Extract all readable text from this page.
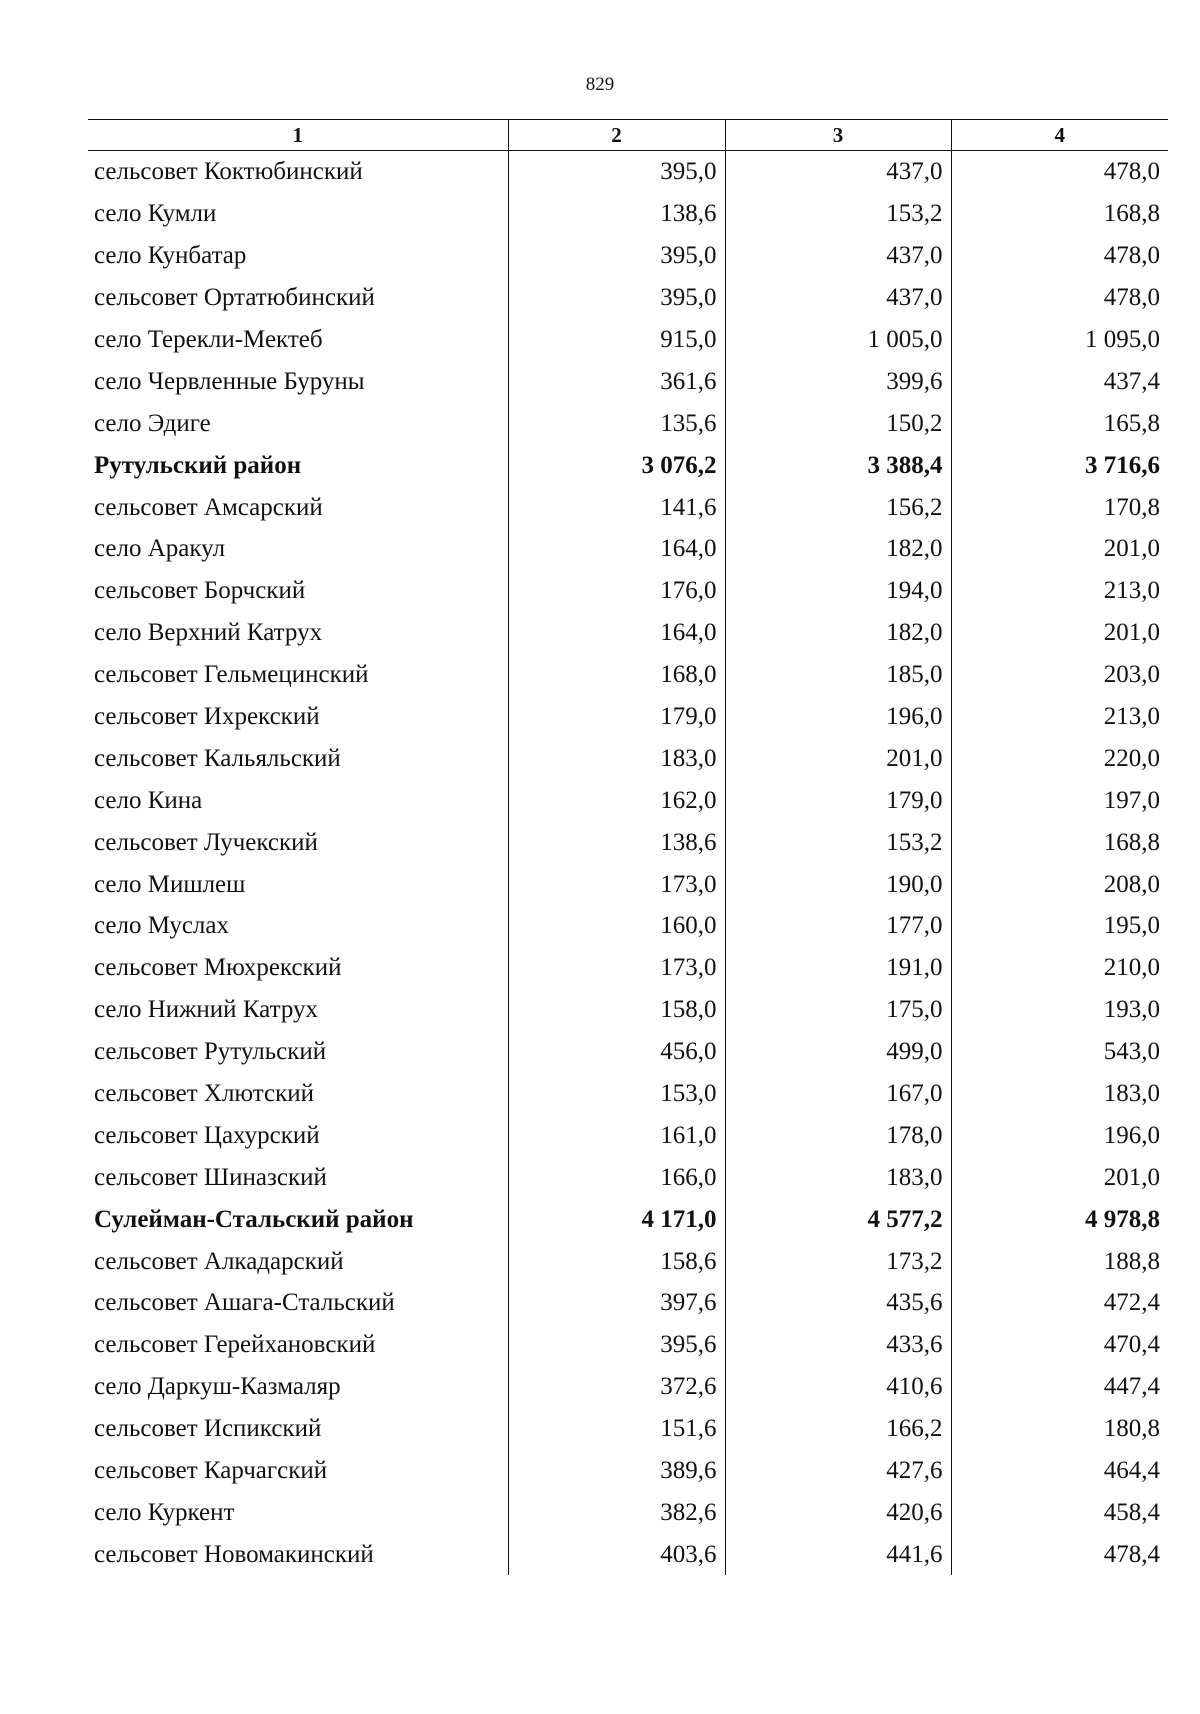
829
1	2	3	4
сельсовет Коктюбинский	395,0	437,0	478,0
село Кумли	138,6	153,2	168,8
село Кунбатар	395,0	437,0	478,0
сельсовет Ортатюбинский	395,0	437,0	478,0
село Терекли-Мектеб	915,0	1 005,0	1 095,0
село Червленные Буруны	361,6	399,6	437,4
село Эдиге	135,6	150,2	165,8
Рутульский район	3 076,2	3 388,4	3 716,6
сельсовет Амсарский	141,6	156,2	170,8
село Аракул	164,0	182,0	201,0
сельсовет Борчский	176,0	194,0	213,0
село Верхний Катрух	164,0	182,0	201,0
сельсовет Гельмецинский	168,0	185,0	203,0
сельсовет Ихрекский	179,0	196,0	213,0
сельсовет Кальяльский	183,0	201,0	220,0
село Кина	162,0	179,0	197,0
сельсовет Лучекский	138,6	153,2	168,8
село Мишлеш	173,0	190,0	208,0
село Муслах	160,0	177,0	195,0
сельсовет Мюхрекский	173,0	191,0	210,0
село Нижний Катрух	158,0	175,0	193,0
сельсовет Рутульский	456,0	499,0	543,0
сельсовет Хлютский	153,0	167,0	183,0
сельсовет Цахурский	161,0	178,0	196,0
сельсовет Шиназский	166,0	183,0	201,0
Сулейман-Стальский район	4 171,0	4 577,2	4 978,8
сельсовет Алкадарский	158,6	173,2	188,8
сельсовет Ашага-Стальский	397,6	435,6	472,4
сельсовет Герейхановский	395,6	433,6	470,4
село Даркуш-Казмаляр	372,6	410,6	447,4
сельсовет Испикский	151,6	166,2	180,8
сельсовет Карчагский	389,6	427,6	464,4
село Куркент	382,6	420,6	458,4
сельсовет Новомакинский	403,6	441,6	478,4
